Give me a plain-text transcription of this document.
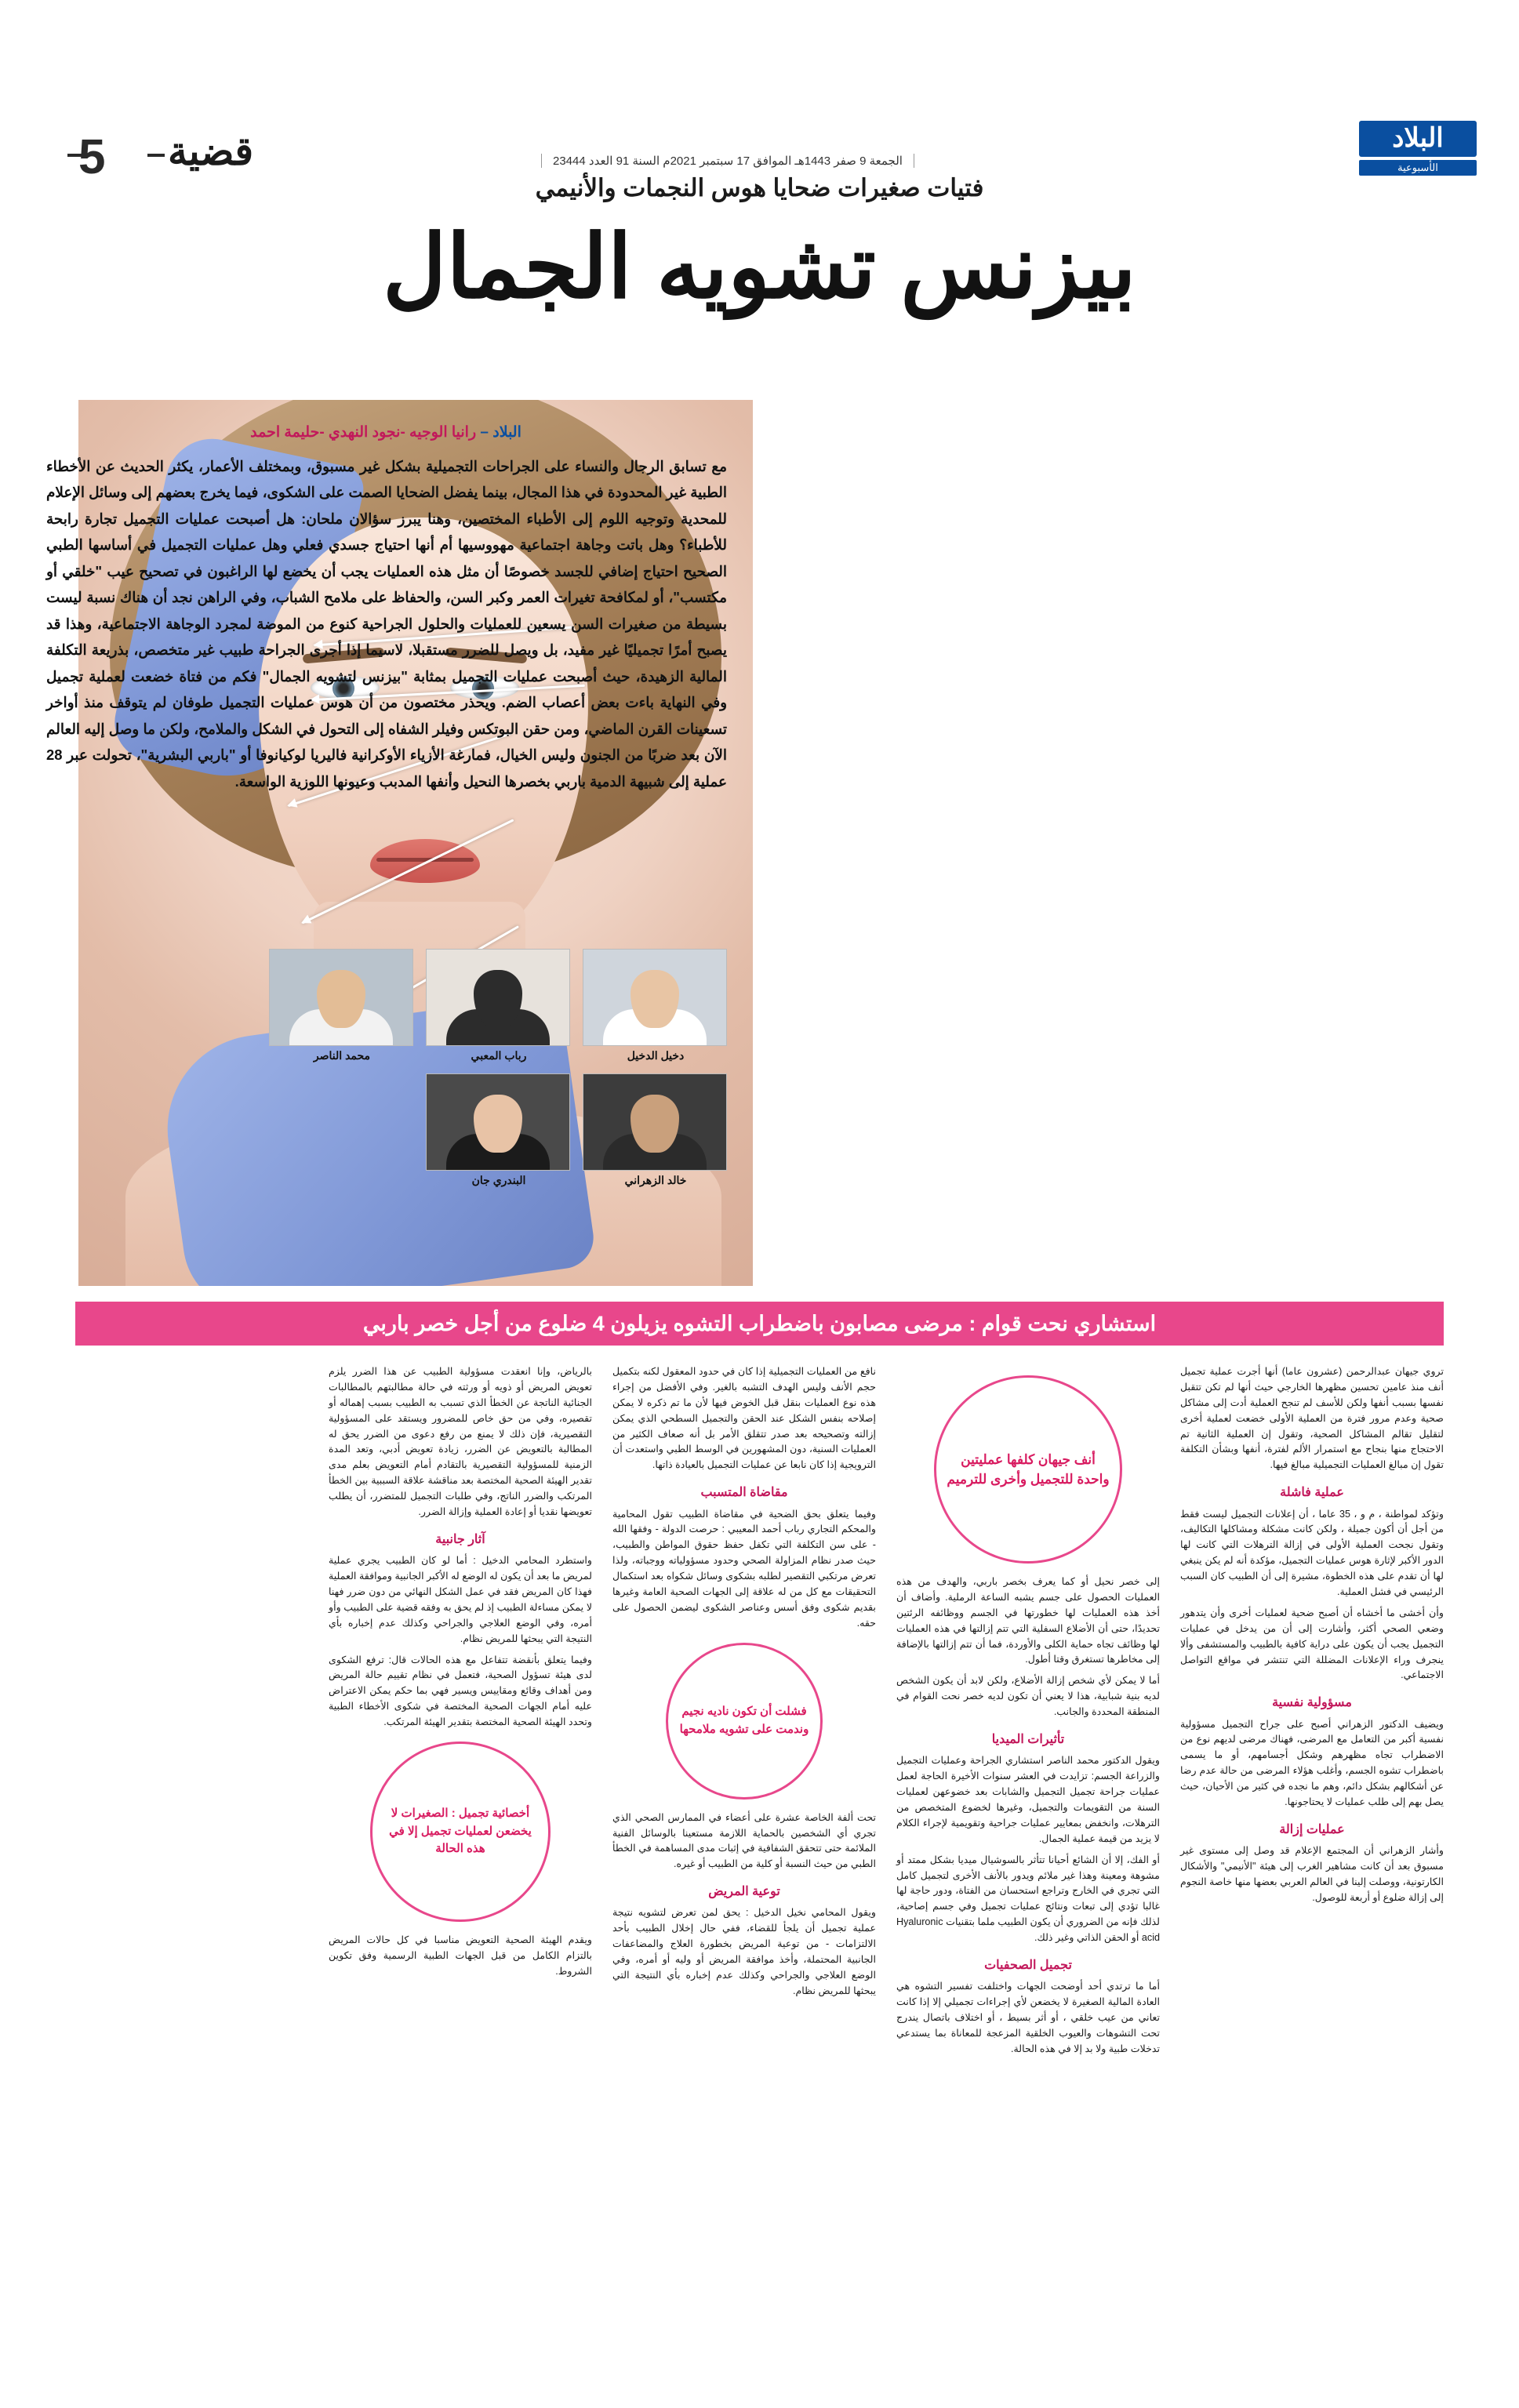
5 قضية	الجمعة 9 صفر 1443هـ الموافق 17 سبتمبر 2021م السنة 91 العدد 23444
البلاد
الأسبوعية
فتيات صغيرات ضحايا هوس النجمات والأنيمي
بيزنس تشويه الجمال
البلاد – رانيا الوجيه -نجود النهدي -حليمة احمد
مع تسابق الرجال والنساء على الجراحات التجميلية بشكل غير مسبوق، وبمختلف الأعمار، يكثر الحديث عن الأخطاء الطبية غير المحدودة في هذا المجال، بينما يفضل الضحايا الصمت على الشكوى، فيما يخرج بعضهم إلى وسائل الإعلام للمحدية وتوجيه اللوم إلى الأطباء المختصين، وهنا يبرز سؤالان ملحان: هل أصبحت عمليات التجميل تجارة رابحة للأطباء؟ وهل باتت وجاهة اجتماعية مهووسيها أم أنها احتياج جسدي فعلي وهل عمليات التجميل في أساسها الطبي الصحيح احتياج إضافي للجسد خصوصًا أن مثل هذه العمليات يجب أن يخضع لها الراغبون في تصحيح عيب "خلقي أو مكتسب"، أو لمكافحة تغيرات العمر وكبر السن، والحفاظ على ملامح الشباب، وفي الراهن نجد أن هناك نسبة ليست بسيطة من صغيرات السن يسعين للعمليات والحلول الجراحية كنوع من الموضة لمجرد الوجاهة الاجتماعية، وهذا قد يصبح أمرًا تجميليًا غير مفيد، بل ويصل للضرر مستقبلا، لاسيما إذا أجرى الجراحة طبيب غير متخصص، بذريعة التكلفة المالية الزهيدة، حيث أصبحت عمليات التجميل بمثابة "بيزنس لتشويه الجمال" فكم من فتاة خضعت لعملية تجميل وفي النهاية باءت بعض أعصاب الضم. ويحذر مختصون من أن هوس عمليات التجميل طوفان لم يتوقف منذ أواخر تسعينات القرن الماضي، ومن حقن البوتكس وفيلر الشفاه إلى التحول في الشكل والملامح، ولكن ما وصل إليه العالم الآن بعد ضربًا من الجنون وليس الخيال، فمارغة الأزياء الأوكرانية فاليريا لوكيانوفا أو "باربي البشرية"، تحولت عبر 28 عملية إلى شبيهة الدمية باربي بخصرها النحيل وأنفها المدبب وعيونها اللوزية الواسعة.
دخيل الدخيل
رباب المعبي
محمد الناصر
خالد الزهراني
البندري جان
استشاري نحت قوام : مرضى مصابون باضطراب التشوه يزيلون 4 ضلوع من أجل خصر باربي

تروي جيهان عبدالرحمن (عشرون عاما) أنها أجرت عملية تجميل أنف منذ عامين تحسين مظهرها الخارجي حيث أنها لم تكن تتقبل نفسها بسبب أنفها ولكن للأسف لم تنجح العملية أدت إلى مشاكل صحية وعدم مرور فترة من العملية الأولى خضعت لعملية أخرى لتقليل تقالم المشاكل الصحية، وتقول إن العملية الثانية تم الاحتجاج منها بنجاح مع استمرار الألم لفترة، أنفها وبشأن التكلفة تقول إن مبالغ العمليات التجميلية مبالغ فيها.

عملية فاشلة

وتؤكد لمواطنة ، م و ، 35 عاما ، أن إعلانات التجميل ليست فقط من أجل أن أكون جميلة ، ولكن كانت مشكلة ومشاكلها التكاليف، وتقول نجحت العملية الأولى في إزالة الترهلات التي كانت لها الدور الأكبر لإثارة هوس عمليات التجميل، مؤكدة أنه لم يكن ينبغي لها أن تقدم على هذه الخطوة، مشيرة إلى أن الطبيب كان السبب الرئيسي في فشل العملية.

وأن أخشى ما أخشاه أن أصبح ضحية لعمليات أخرى وأن يتدهور وضعي الصحي أكثر، وأشارت إلى أن من يدخل في عمليات التجميل يجب أن يكون على دراية كافية بالطبيب والمستشفى وألا ينجرف وراء الإعلانات المضللة التي تنتشر في مواقع التواصل الاجتماعي.

مسؤولية نفسية

ويضيف الدكتور الزهراني أصبح على جراح التجميل مسؤولية نفسية أكبر من التعامل مع المرضى، فهناك مرضى لديهم نوع من الاضطراب تجاه مظهرهم وشكل أجسامهم، أو ما يسمى باضطراب تشوه الجسم، وأغلب هؤلاء المرضى من حالة عدم رضا عن أشكالهم بشكل دائم، وهم ما نجده في كثير من الأحيان، حيث يصل بهم إلى طلب عمليات لا يحتاجونها.

عمليات إزالة

وأشار الزهراني أن المجتمع الإعلام قد وصل إلى مستوى غير مسبوق بعد أن كانت مشاهير الغرب إلى هيئة "الأنيمي" والأشكال الكارتونية، ووصلت إلينا في العالم العربي بعضها منها خاصة النجوم إلى إزالة ضلوع أو أربعة للوصول.

أنف جيهان كلفها عمليتين واحدة للتجميل وأخرى للترميم

إلى خصر نحيل أو كما يعرف بخصر باربي، والهدف من هذه العمليات الحصول على جسم يشبه الساعة الرملية. وأضاف أن أخذ هذه العمليات لها خطورتها في الجسم ووظائفه الرئتين تحديدًا، حتى أن الأضلاع السفلية التي تتم إزالتها في هذه العمليات لها وظائف تجاه حماية الكلى والأوردة، فما أن تتم إزالتها بالإضافة إلى مخاطرها تستغرق وقتا أطول.

أما لا يمكن لأي شخص إزالة الأضلاع، ولكن لابد أن يكون الشخص لديه بنية شبابية، هذا لا يعني أن تكون لديه خصر نحت القوام في المنطقة المحددة والجانب.

تأثيرات الميديا

ويقول الدكتور محمد الناصر استشاري الجراحة وعمليات التجميل والزراعة الجسم: تزايدت في العشر سنوات الأخيرة الحاجة لعمل عمليات جراحة تجميل التجميل والشابات بعد خضوعهن لعمليات السنة من التقويمات والتجميل، وغيرها لخضوع المتخصص من الترهلات، وانخفض بمعايير عمليات جراحية وتقويمية لإجراء الكلام لا يزيد من قيمة عملية الجمال.

أو الفك، إلا أن الشائع أحيانا تتأثر بالسوشيال ميديا بشكل ممتد أو مشوهة ومعينة وهذا غير ملائم ويدور بالأنف الأخرى لتجميل كامل التي تجري في الخارج وتراجع استحسان من الفتاة، ودور حاجة لها غالبا تؤدي إلى تبعات ونتائج عمليات تجميل وفي جسم إصاحية، لذلك فإنه من الضروري أن يكون الطبيب ملما بتقنيات Hyaluronic acid أو الحقن الذاتي وغير ذلك.

تجميل الصحفيات

أما ما ترتدي أحد أوضحت الجهات واختلفت تفسير التشوه هي العادة المالية الصغيرة لا يخضعن لأي إجراءات تجميلي إلا إذا كانت تعاني من عيب خلقي ، أو أثر بسيط ، أو اختلاف باتصال يندرج تحت التشوهات والعيوب الخلقية المزعجة للمعاناة بما يستدعي تدخلات طبية ولا بد إلا في هذه الحالة.

نافع من العمليات التجميلية إذا كان في حدود المعقول لكنه بتكميل حجم الأنف وليس الهدف التشبه بالغير. وفي الأفضل من إجراء هذه نوع العمليات بنقل قبل الخوض فيها لأن ما تم ذكره لا يمكن إصلاحه بنفس الشكل عند الحقن والتجميل السطحي الذي يمكن إزالته وتصحيحه بعد صدر تتقلق الأمر بل أنه صعاف الكثير من العمليات السنية، دون المشهورين في الوسط الطبي واستعدت أن الترويجية إذا كان نابعا عن عمليات التجميل بالعيادة ذاتها.

مقاضاة المتسبب

وفيما يتعلق بحق الضحية في مقاضاة الطبيب تقول المحامية والمحكم التجاري رباب أحمد المعيبي : حرصت الدولة - وفقها الله - على سن التكلفة التي تكفل حفظ حقوق المواطن والطبيب، حيث صدر نظام المزاولة الصحي وحدود مسؤولياته ووجباته، ولذا تعرض مرتكبي التقصير لطلبه بشكوى وسائل شكواه بعد استكمال التحقيقات مع كل من له علاقة إلى الجهات الصحية العامة وغيرها بقديم شكوى وفق أسس وعناصر الشكوى ليضمن الحصول على حقه.

فشلت أن تكون ناديه نجيم وندمت على تشويه ملامحها

تحت ألفة الخاصة عشرة على أعضاء في الممارس الصحي الذي تجري أي الشخصين بالحماية اللازمة مستعينا بالوسائل الفنية الملائمة حتى تتحقق الشفافية في إثبات مدى المساهمة في الخطأ الطبي من حيث النسبة أو كلية من الطبيب أو غيره.

توعية المريض

ويقول المحامي نخيل الدخيل : يحق لمن تعرض لتشويه نتيجة عملية تجميل أن يلجأ للقضاء، ففي حال إخلال الطبيب بأحد الالتزامات - من توعية المريض بخطورة العلاج والمضاعفات الجانبية المحتملة، وأخذ موافقة المريض أو وليه أو أمره، وفي الوضع العلاجي والجراحي وكذلك عدم إخباره بأي النتيجة التي يبحثها للمريض نظام.

بالرياض، وإنا انعقدت مسؤولية الطبيب عن هذا الضرر يلزم تعويض المريض أو ذويه أو ورثته في حالة مطالبتهم بالمطالبات الجنائية الناتجة عن الخطأ الذي تسبب به الطبيب بسبب إهماله أو تقصيره، وفي من حق خاص للمضرور ويستقد على المسؤولية التقصيرية، فإن ذلك لا يمنع من رفع دعوى من الضرر يحق له المطالبة بالتعويض عن الضرر، زيادة تعويض أدبي، وتعد المدة الزمنية للمسؤولية التقصيرية بالتقادم أمام التعويض بعلم مدى تقدير الهيئة الصحية المختصة بعد مناقشة علاقة السببية بين الخطأ المرتكب والضرر الناتج، وفي طلبات التجميل للمتضرر، أن يطلب تعويضها نقديا أو إعادة العملية وإزالة الضرر.

آثار جانبية

واستطرد المحامي الدخيل : أما لو كان الطبيب يجري عملية لمريض ما بعد أن يكون له الوضع له الأكبر الجانبية وموافقة العملية فهذا كان المريض فقد في عمل الشكل النهائي من دون ضرر فهنا لا يمكن مساءلة الطبيب إذ لم يحق به وفقه قضية على الطبيب وأو أمره، وفي الوضع العلاجي والجراحي وكذلك عدم إخباره بأي النتيجة التي يبحثها للمريض نظام.

وفيما يتعلق بأنقضة تتفاعل مع هذه الحالات قال: ترفع الشكوى لدى هيئة تسؤول الصحية، فتعمل في نظام تقييم حالة المريض ومن أهداف وقائع ومقاييس ويسير فهي بما حكم يمكن الاعتراض عليه أمام الجهات الصحية المختصة في شكوى الأخطاء الطبية وتحدد الهيئة الصحية المختصة بتقدير الهيئة المرتكب.

أخصائية تجميل : الصغيرات لا يخضعن لعمليات تجميل إلا في هذه الحالة

ويقدم الهيئة الصحية التعويض مناسبا في كل حالات المريض بالتزام الكامل من قبل الجهات الطبية الرسمية وفق تكوين الشروط.
